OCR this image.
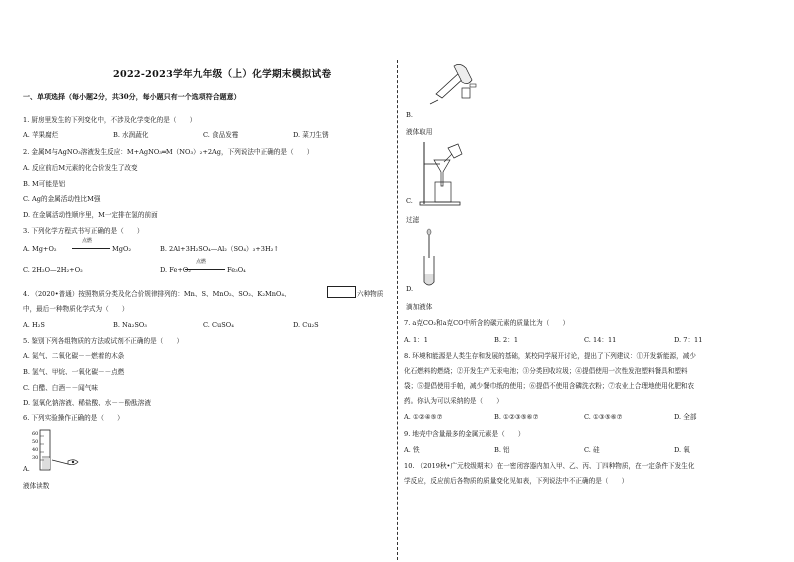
2022-2023学年九年级（上）化学期末模拟试卷
一、单项选择（每小题2分，共30分，每小题只有一个选项符合题意）
1. 厨房里发生的下列变化中，不涉及化学变化的是（　　）
A. 苹果腐烂	B. 水润蔬化	C. 食品发霉	D. 菜刀生锈
2. 金属M与AgNO₃溶液发生反应：M+AgNO₃═M（NO₃）₂+2Ag，下列说法中正确的是（　　）
A. 反应前后M元素的化合价发生了改变
B. M可能是铝
C. Ag的金属活动性比M强
D. 在金属活动性顺序里，M一定排在氢的前面
3. 下列化学方程式书写正确的是（　　）
A. Mg+O₂
点燃
MgO₂	B. 2Al+3H₂SO₄—Al₂（SO₄）₃+3H₂↑
C. 2H₂O—2H₂+O₂	D. Fe+O₂
点燃
Fe₃O₄
4. （2020•普通）按照物质分类及化合价规律排列的：Mn、S、MnO₂、SO₂、K₂MnO₄、	六种物质
中，最后一种物质化学式为（　　）
A. H₂S	B. Na₂SO₃	C. CuSO₄	D. Cu₂S
5. 鉴别下列各组物质的方法或试剂不正确的是（　　）
A. 氮气、二氧化碳－－燃着的木条
B. 氢气、甲烷、一氧化碳－－点燃
C. 白醋、白酒－－闻气味
D. 氢氧化钠溶液、稀盐酸、水－－酚酞溶液
6. 下列实验操作正确的是（　　）
60
50
40
30
A.
液体读数
B.
液体取用
C.
过滤
D.
滴加液体
7. a克CO₂和a克CO中所含的碳元素的质量比为（　　）
A. 1：1	B. 2：1	C. 14：11	D. 7：11
8. 环境和能源是人类生存和发展的基础，某校同学展开讨论，提出了下列建议：①开发新能源，减少
化石燃料的燃烧；②开发生产无汞电池；③分类回收垃圾；④提倡使用一次性发泡塑料餐具和塑料
袋；⑤提倡使用手帕，减少餐巾纸的使用；⑥提倡不使用含磷洗衣粉；⑦农业上合理地使用化肥和农
药。你认为可以采纳的是（　　）
A. ①②④⑤⑦	B. ①②③⑤⑥⑦	C. ①③⑤⑥⑦	D. 全部
9. 地壳中含量最多的金属元素是（　　）
A. 铁	B. 铝	C. 硅	D. 氧
10. （2019秋•广元校级期末）在一密闭容器内加入甲、乙、丙、丁四种物质，在一定条件下发生化
学反应，反应前后各物质的质量变化见如表，下列说法中不正确的是（　　）
